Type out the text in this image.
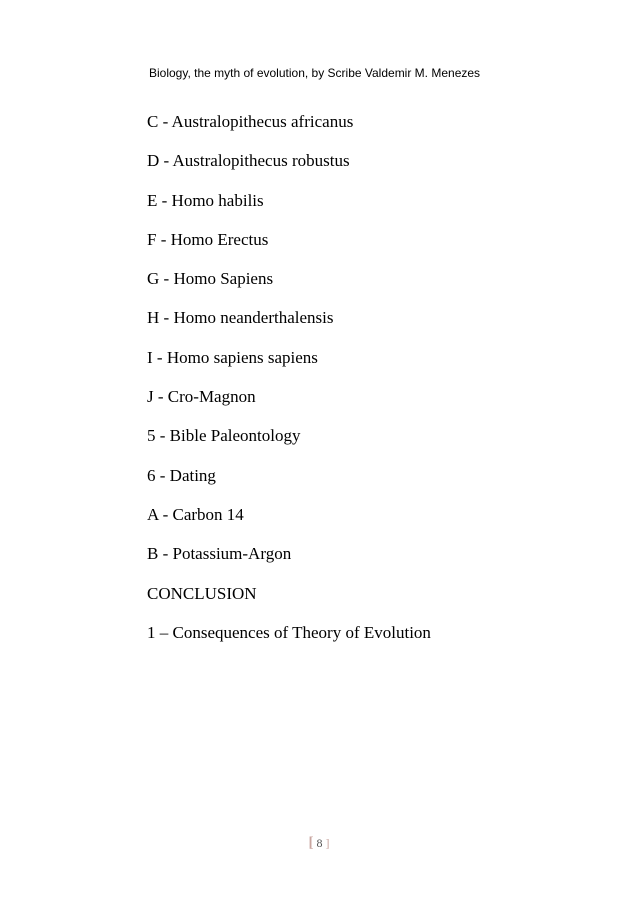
Biology, the myth of evolution, by Scribe Valdemir M. Menezes
C - Australopithecus africanus
D - Australopithecus robustus
E - Homo habilis
F - Homo Erectus
G - Homo Sapiens
H - Homo neanderthalensis
I - Homo sapiens sapiens
J - Cro-Magnon
5 - Bible Paleontology
6 - Dating
A - Carbon 14
B - Potassium-Argon
CONCLUSION
1 – Consequences of Theory of Evolution
[ 8 ]
